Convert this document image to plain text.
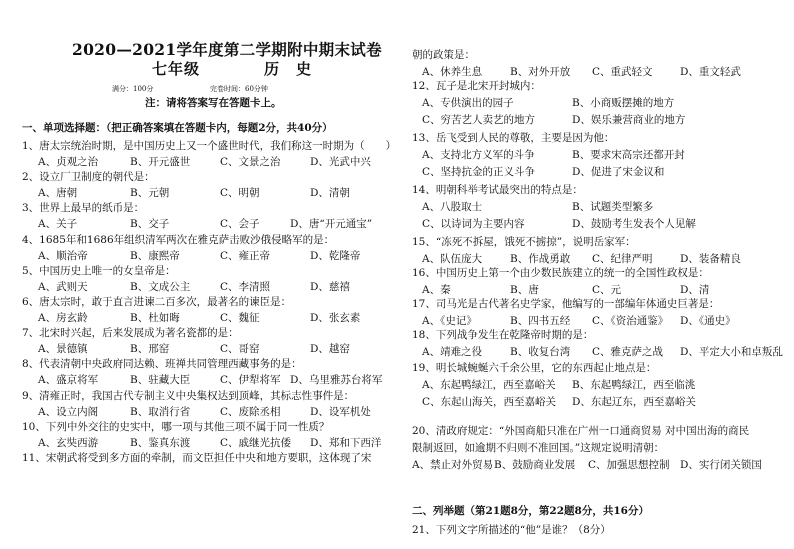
2020—2021学年度第二学期附中期末试卷
七年级	历　史
满分：100分	完卷时间：60分钟
注：请将答案写在答题卡上。
一、单项选择题：（把正确答案填在答题卡内，每题2分，共40分）
1、唐太宗统治时期，是中国历史上又一个盛世时代，我们称这一时期为（　　）
A、贞观之治	B、开元盛世	C、文景之治	D、光武中兴
2、设立厂卫制度的朝代是：
A、唐朝	B、元朝	C、明朝	D、清朝
3、世界上最早的纸币是：
A、关子	B、交子	C、会子	D、唐“开元通宝”
4、1685年和1686年组织清军两次在雅克萨击败沙俄侵略军的是：
A、顺治帝	B、康熙帝	C、雍正帝	D、乾隆帝
5、中国历史上唯一的女皇帝是：
A、武则天	B、文成公主	C、李清照	D、慈禧
6、唐太宗时，敢于直言进谏二百多次，最著名的谏臣是：
A、房玄龄	B、杜如晦	C、魏征	D、张玄素
7、北宋时兴起，后来发展成为著名瓷都的是：
A、景德镇	B、邢窑	C、哥窑	D、越窑
8、代表清朝中央政府同达赖、班禅共同管理西藏事务的是：
A、盛京将军	B、驻藏大臣	C、伊犁将军 D、乌里雅苏台将军
9、清雍正时，我国古代专制主义中央集权达到顶峰，其标志性事件是：
A、设立内阁	B、取消行省	C、废除丞相	D、设军机处
10、下列中外交往的史实中，哪一项与其他三项不属于同一性质？
A、玄奘西游	B、鉴真东渡	C、戚继光抗倭 D、郑和下西洋
11、宋朝武将受到多方面的牵制，而文臣担任中央和地方要职，这体现了宋
朝的政策是：
A、休养生息	B、对外开放 C、重武轻文	D、重文轻武
12、瓦子是北宋开封城内：
A、专供演出的园子	B、小商贩摆摊的地方
C、穷苦艺人卖艺的地方	D、娱乐兼营商业的地方
13、岳飞受到人民的尊敬，主要是因为他：
A、支持北方义军的斗争	B、要求宋高宗还都开封
C、坚持抗金的正义斗争	D、促进了宋金议和
14、明朝科举考试最突出的特点是：
A、八股取士	B、试题类型繁多
C、以诗词为主要内容	D、鼓励考生发表个人见解
15、“冻死不拆屋，饿死不掳掠”，说明岳家军：
A、队伍庞大	B、作战勇敢 C、纪律严明	D、装备精良
16、中国历史上第一个由少数民族建立的统一的全国性政权是：
A、秦	B、唐	C、元	D、清
17、司马光是古代著名史学家，他编写的一部编年体通史巨著是：
A、《史记》	B、四书五经 C、《资治通鉴》 D、《通史》
18、下列战争发生在乾隆帝时期的是：
A、靖难之役	B、收复台湾 C、雅克萨之战 D、平定大小和卓叛乱
19、明长城蜿蜒六千余公里，它的东西起止地点是：
A、东起鸭绿江，西至嘉峪关 B、东起鸭绿江，西至临洮
C、东起山海关，西至嘉峪关 D、东起辽东，西至嘉峪关
20、清政府规定：“外国商船只准在广州一口通商贸易 对中国出海的商民
限制返回，如逾期不归则不准回国。”这规定说明清朝：
A、禁止对外贸易 B、鼓励商业发展 C、加强思想控制 D、实行闭关锁国
二、列举题（第21题8分，第22题8分，共16分）
21、下列文字所描述的“他”是谁？（8分）
